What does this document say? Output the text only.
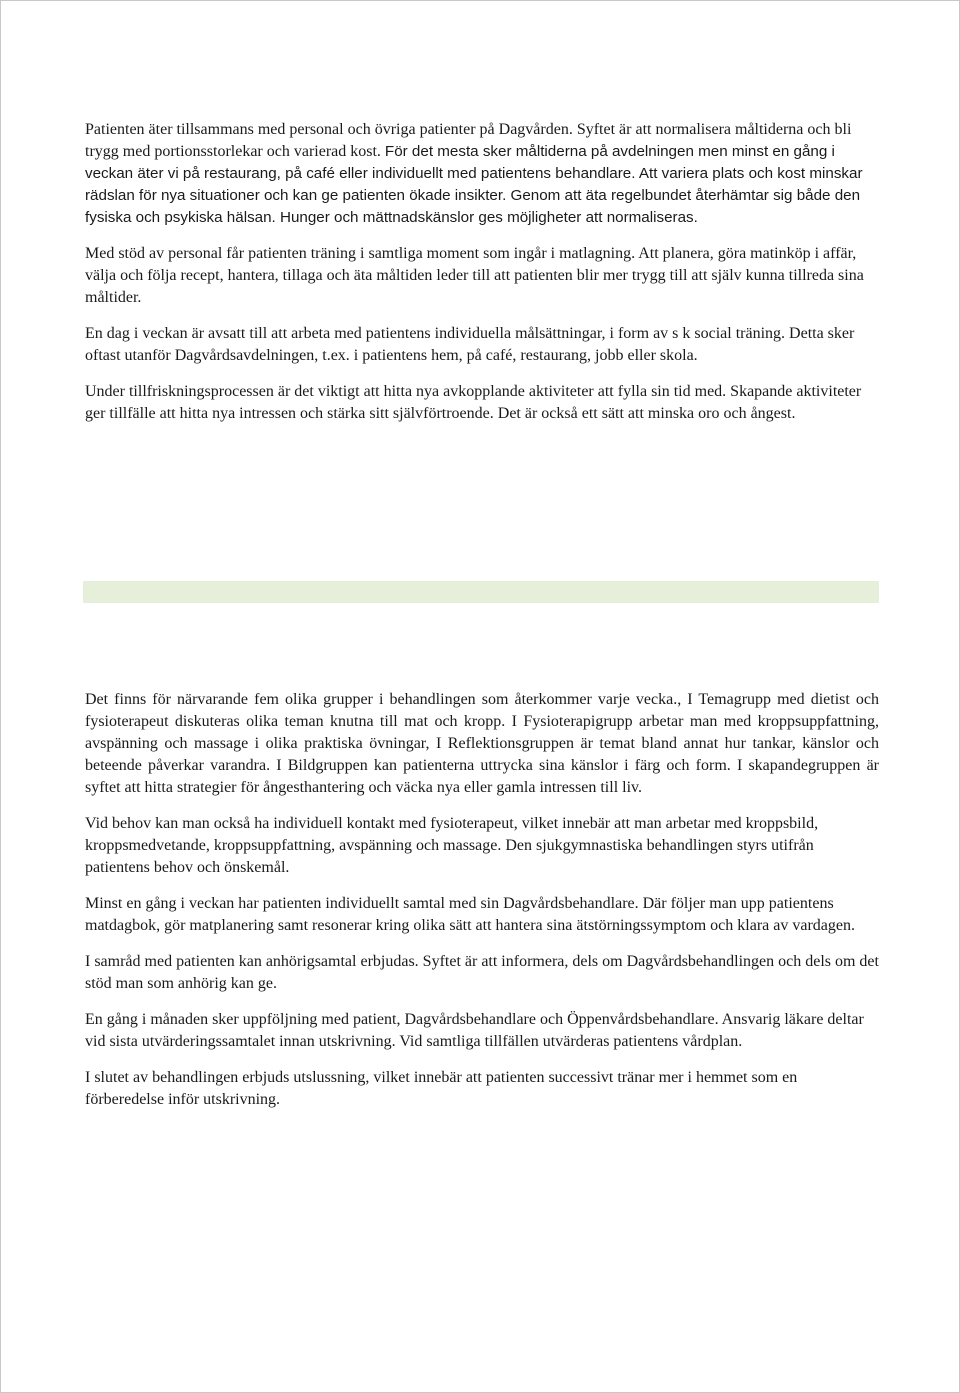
Patienten äter tillsammans med personal och övriga patienter på Dagvården. Syftet är att normalisera måltiderna och bli trygg med portionsstorlekar och varierad kost. För det mesta sker måltiderna på avdelningen men minst en gång i veckan äter vi på restaurang, på café eller individuellt med patientens behandlare. Att variera plats och kost minskar rädslan för nya situationer och kan ge patienten ökade insikter. Genom att äta regelbundet återhämtar sig både den fysiska och psykiska hälsan. Hunger och mättnadskänslor ges möjligheter att normaliseras.

Med stöd av personal får patienten träning i samtliga moment som ingår i matlagning. Att planera, göra matinköp i affär, välja och följa recept, hantera, tillaga och äta måltiden leder till att patienten blir mer trygg till att själv kunna tillreda sina måltider.

En dag i veckan är avsatt till att arbeta med patientens individuella målsättningar, i form av s k social träning. Detta sker oftast utanför Dagvårdsavdelningen, t.ex. i patientens hem, på café, restaurang, jobb eller skola.

Under tillfriskningsprocessen är det viktigt att hitta nya avkopplande aktiviteter att fylla sin tid med. Skapande aktiviteter ger tillfälle att hitta nya intressen och stärka sitt självförtroende. Det är också ett sätt att minska oro och ångest.

Det finns för närvarande fem olika grupper i behandlingen som återkommer varje vecka., I Temagrupp med dietist och fysioterapeut diskuteras olika teman knutna till mat och kropp. I Fysioterapigrupp arbetar man med kroppsuppfattning, avspänning och massage i olika praktiska övningar, I Reflektionsgruppen är temat bland annat hur tankar, känslor och beteende påverkar varandra. I Bildgruppen kan patienterna uttrycka sina känslor i färg och form. I skapandegruppen är syftet att hitta strategier för ångesthantering och väcka nya eller gamla intressen till liv.

Vid behov kan man också ha individuell kontakt med fysioterapeut, vilket innebär att man arbetar med kroppsbild, kroppsmedvetande, kroppsuppfattning, avspänning och massage. Den sjukgymnastiska behandlingen styrs utifrån patientens behov och önskemål.

Minst en gång i veckan har patienten individuellt samtal med sin Dagvårdsbehandlare. Där följer man upp patientens matdagbok, gör matplanering samt resonerar kring olika sätt att hantera sina ätstörningssymptom och klara av vardagen.

I samråd med patienten kan anhörigsamtal erbjudas. Syftet är att informera, dels om Dagvårdsbehandlingen och dels om det stöd man som anhörig kan ge.

En gång i månaden sker uppföljning med patient, Dagvårdsbehandlare och Öppenvårdsbehandlare. Ansvarig läkare deltar vid sista utvärderingssamtalet innan utskrivning. Vid samtliga tillfällen utvärderas patientens vårdplan.

I slutet av behandlingen erbjuds utslussning, vilket innebär att patienten successivt tränar mer i hemmet som en förberedelse inför utskrivning.
